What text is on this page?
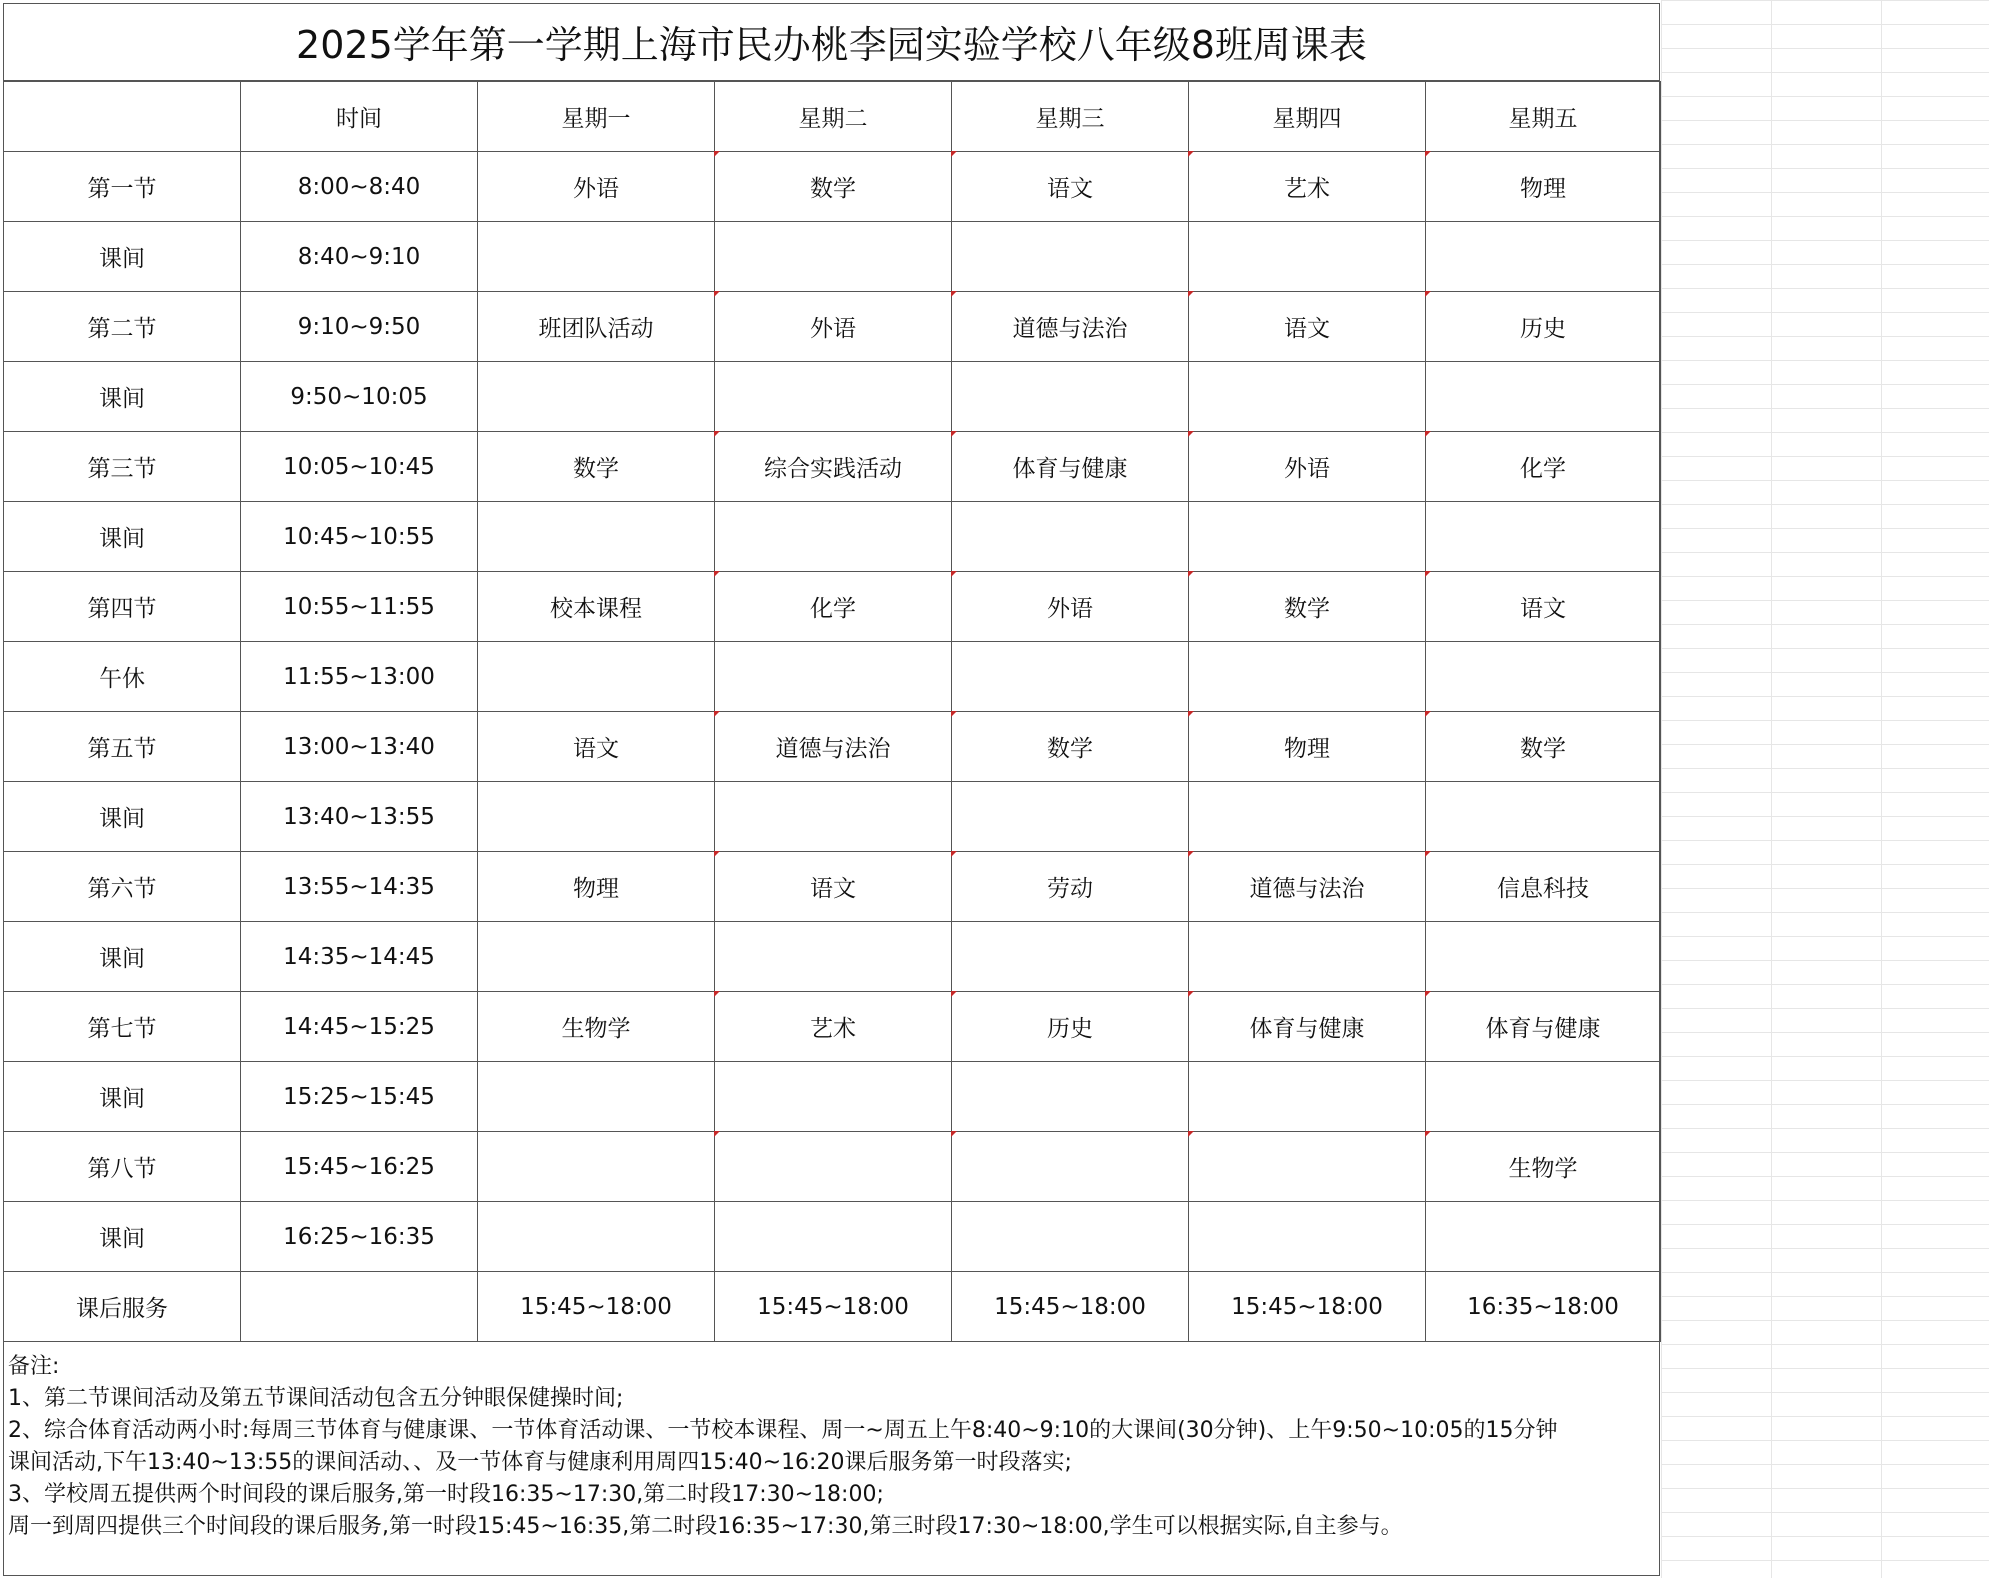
2025学年第一学期上海市民办桃李园实验学校八年级8班周课表
	时间	星期一	星期二	星期三	星期四	星期五
第一节	8:00~8:40	外语	数学	语文	艺术	物理
课间	8:40~9:10					
第二节	9:10~9:50	班团队活动	外语	道德与法治	语文	历史
课间	9:50~10:05					
第三节	10:05~10:45	数学	综合实践活动	体育与健康	外语	化学
课间	10:45~10:55					
第四节	10:55~11:55	校本课程	化学	外语	数学	语文
午休	11:55~13:00					
第五节	13:00~13:40	语文	道德与法治	数学	物理	数学
课间	13:40~13:55					
第六节	13:55~14:35	物理	语文	劳动	道德与法治	信息科技
课间	14:35~14:45					
第七节	14:45~15:25	生物学	艺术	历史	体育与健康	体育与健康
课间	15:25~15:45					
第八节	15:45~16:25					生物学
课间	16:25~16:35					
课后服务		15:45~18:00	15:45~18:00	15:45~18:00	15:45~18:00	16:35~18:00
备注:
1、第二节课间活动及第五节课间活动包含五分钟眼保健操时间;
2、综合体育活动两小时:每周三节体育与健康课、一节体育活动课、一节校本课程、周一~周五上午8:40~9:10的大课间(30分钟)、上午9:50~10:05的15分钟
课间活动,下午13:40~13:55的课间活动、、及一节体育与健康利用周四15:40~16:20课后服务第一时段落实;
3、学校周五提供两个时间段的课后服务,第一时段16:35~17:30,第二时段17:30~18:00;
周一到周四提供三个时间段的课后服务,第一时段15:45~16:35,第二时段16:35~17:30,第三时段17:30~18:00,学生可以根据实际,自主参与。
